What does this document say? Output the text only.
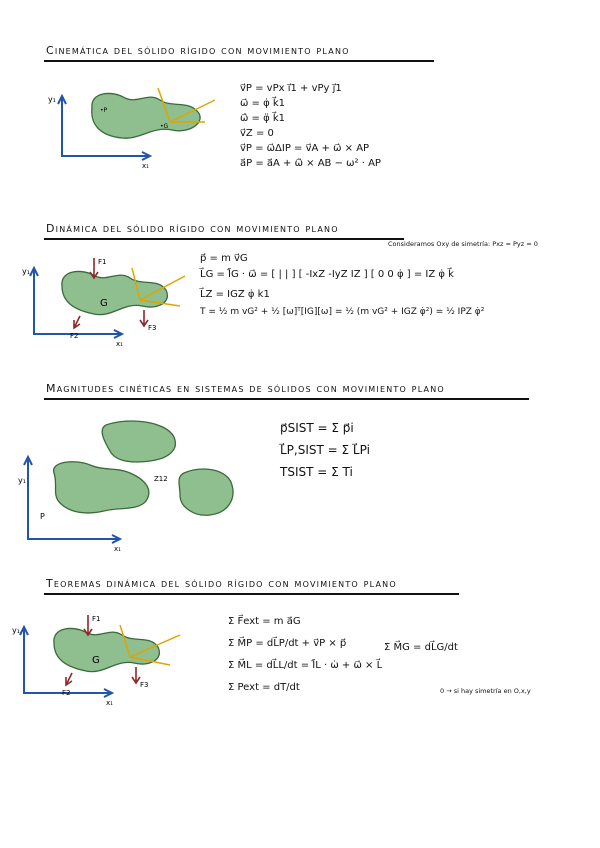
Cinemática del sólido rígido con movimiento plano
y₁
x₁
•P
•G
v⃗P = vPx i⃗1 + vPy j⃗1
ω⃗ = φ̇ k⃗1
ω⃗̇ = φ̈ k⃗1
v⃗Z = 0
v⃗P = ω⃗ΔIP = v⃗A + ω⃗ × AP
a⃗P = a⃗A + ω⃗̇ × AB − ω² · AP
Dinámica del sólido rígido con movimiento plano
y₁
x₁
F1
F2
F3
G
p⃗ = m v⃗G
L⃗G = Ī̄G · ω⃗ = [ | | ] [ -IxZ -IyZ IZ ] [ 0 0 φ̇ ] = IZ φ̇ k⃗
L⃗Z = IGZ φ̇ k1
T = ½ m vG² + ½ [ω]ᵀ[IG][ω] = ½ (m vG² + IGZ φ̇²) = ½ IPZ φ̇²
Consideramos Oxy de simetría: Pxz = Pyz = 0
Magnitudes cinéticas en sistemas de sólidos con movimiento plano
y₁
x₁
P
Z12
p⃗SIST = Σ p⃗i
L⃗P,SIST = Σ L⃗Pi
TSIST = Σ Ti
Teoremas dinámica del sólido rígido con movimiento plano
y₁
x₁
F1
F2
F3
G
Σ F⃗ext = m a⃗G
Σ M⃗P = dL⃗P/dt + v⃗P × p⃗
Σ M⃗L = dL⃗L/dt = Ī̄L · ω̇ + ω⃗ × L⃗
Σ Pext = dT/dt
Σ M⃗G = dL⃗G/dt
0 → si hay simetría en O,x,y
